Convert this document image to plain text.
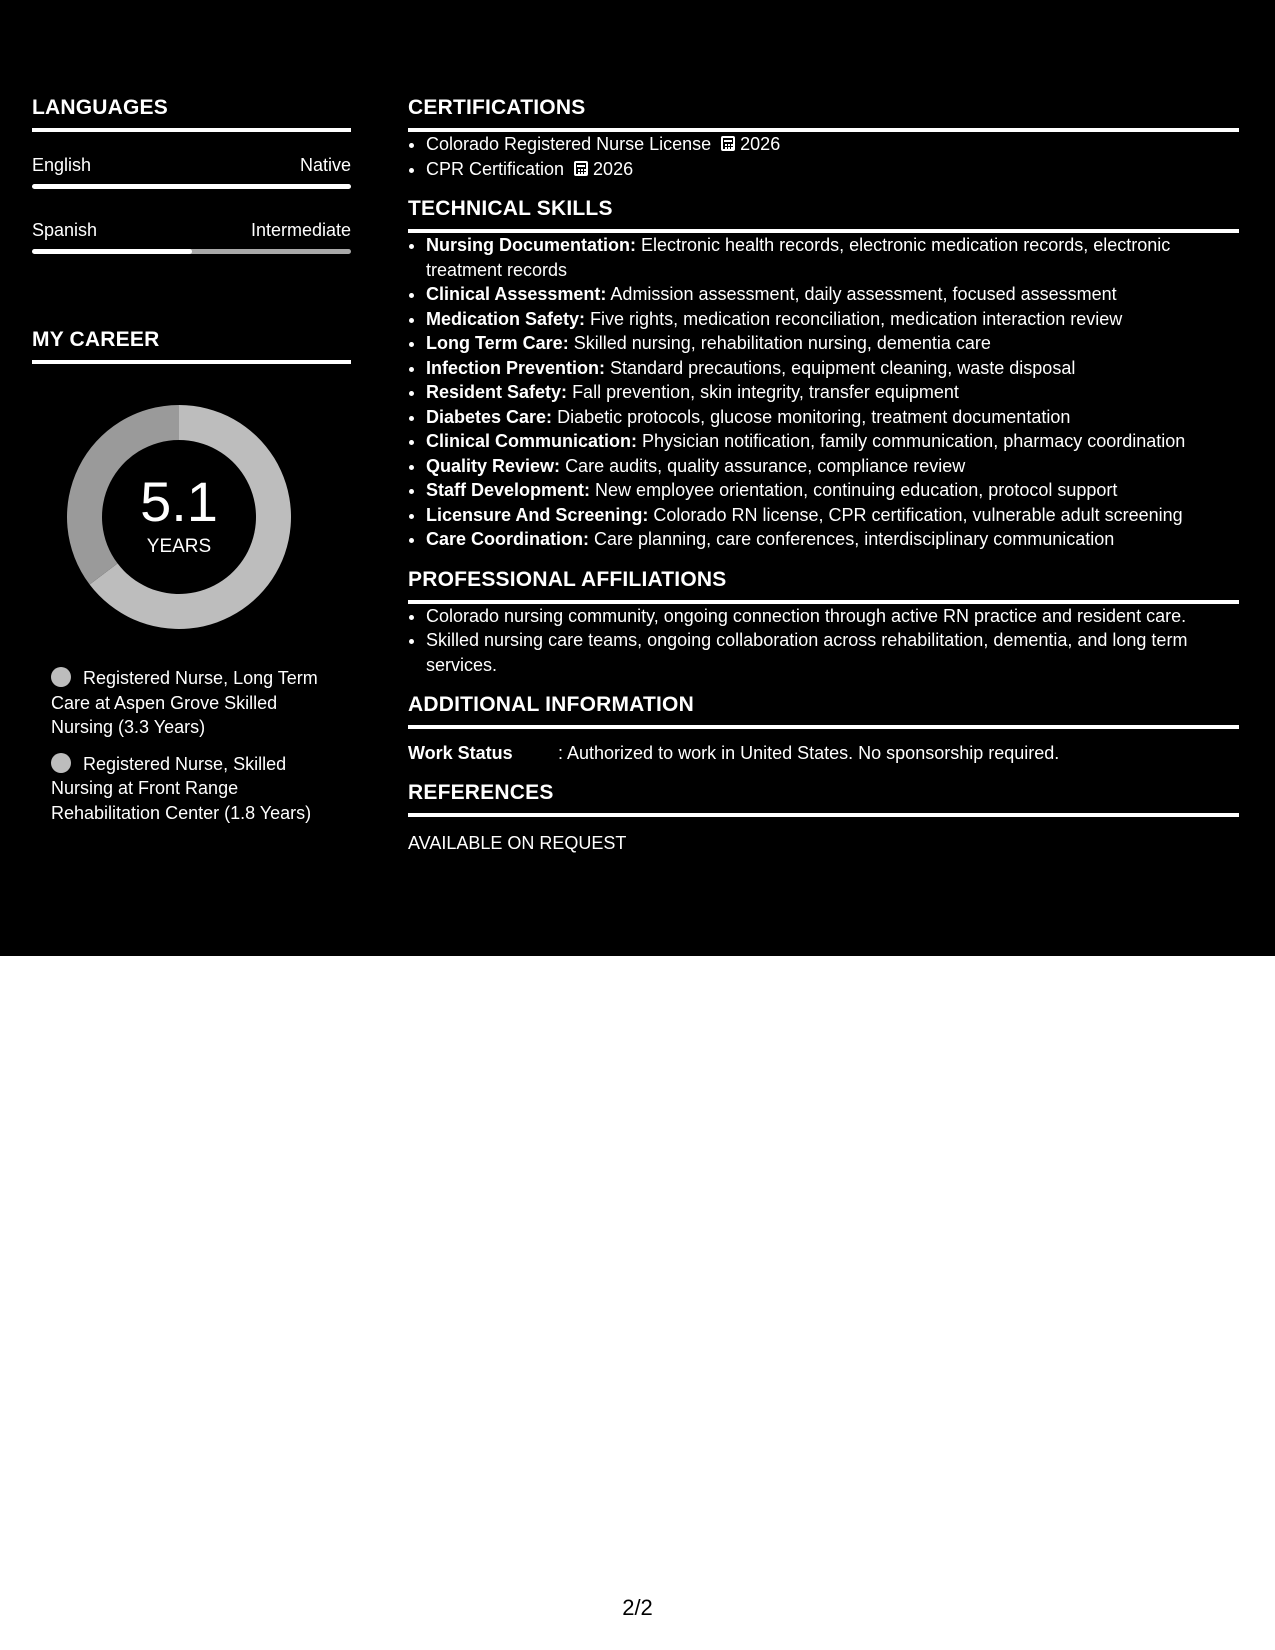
LANGUAGES
English	Native
Spanish	Intermediate
MY CAREER
5.1
YEARS
Registered Nurse, Long Term Care at Aspen Grove Skilled Nursing (3.3 Years)
Registered Nurse, Skilled Nursing at Front Range Rehabilitation Center (1.8 Years)
CERTIFICATIONS
• Colorado Registered Nurse License 2026
• CPR Certification 2026
TECHNICAL SKILLS
• Nursing Documentation: Electronic health records, electronic medication records, electronic treatment records
• Clinical Assessment: Admission assessment, daily assessment, focused assessment
• Medication Safety: Five rights, medication reconciliation, medication interaction review
• Long Term Care: Skilled nursing, rehabilitation nursing, dementia care
• Infection Prevention: Standard precautions, equipment cleaning, waste disposal
• Resident Safety: Fall prevention, skin integrity, transfer equipment
• Diabetes Care: Diabetic protocols, glucose monitoring, treatment documentation
• Clinical Communication: Physician notification, family communication, pharmacy coordination
• Quality Review: Care audits, quality assurance, compliance review
• Staff Development: New employee orientation, continuing education, protocol support
• Licensure And Screening: Colorado RN license, CPR certification, vulnerable adult screening
• Care Coordination: Care planning, care conferences, interdisciplinary communication
PROFESSIONAL AFFILIATIONS
• Colorado nursing community, ongoing connection through active RN practice and resident care.
• Skilled nursing care teams, ongoing collaboration across rehabilitation, dementia, and long term services.
ADDITIONAL INFORMATION
Work Status	: Authorized to work in United States. No sponsorship required.
REFERENCES
AVAILABLE ON REQUEST
2/2
